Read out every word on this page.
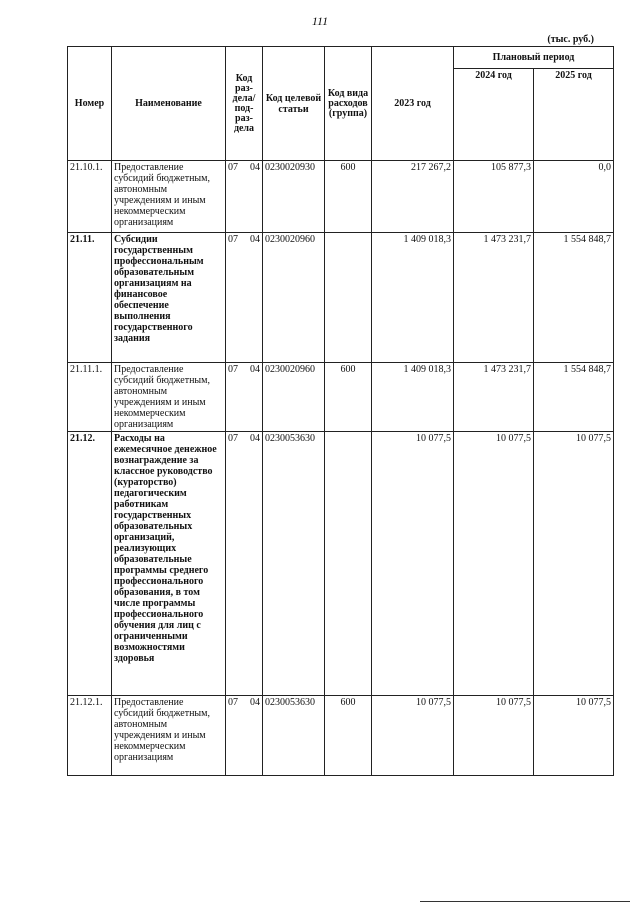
111
(тыс. руб.)
Номер	Наименование	Код раз-дела/ под-раз-дела	Код целевой статьи	Код вида расходов (группа)	2023 год	Плановый период	
						2024 год	2025 год
21.10.1.	Предоставление субсидий бюджетным, автономным учреждениям и иным некоммерческим организациям	07 04	0230020930	600	217 267,2	105 877,3	0,0
21.11.	Субсидии государственным профессиональным образовательным организациям на финансовое обеспечение выполнения государственного задания	07 04	0230020960		1 409 018,3	1 473 231,7	1 554 848,7
21.11.1.	Предоставление субсидий бюджетным, автономным учреждениям и иным некоммерческим организациям	07 04	0230020960	600	1 409 018,3	1 473 231,7	1 554 848,7
21.12.	Расходы на ежемесячное денежное вознаграждение за классное руководство (кураторство) педагогическим работникам государственных образовательных организаций, реализующих образовательные программы среднего профессионального образования, в том числе программы профессионального обучения для лиц с ограниченными возможностями здоровья	07 04	0230053630		10 077,5	10 077,5	10 077,5
21.12.1.	Предоставление субсидий бюджетным, автономным учреждениям и иным некоммерческим организациям	07 04	0230053630	600	10 077,5	10 077,5	10 077,5
